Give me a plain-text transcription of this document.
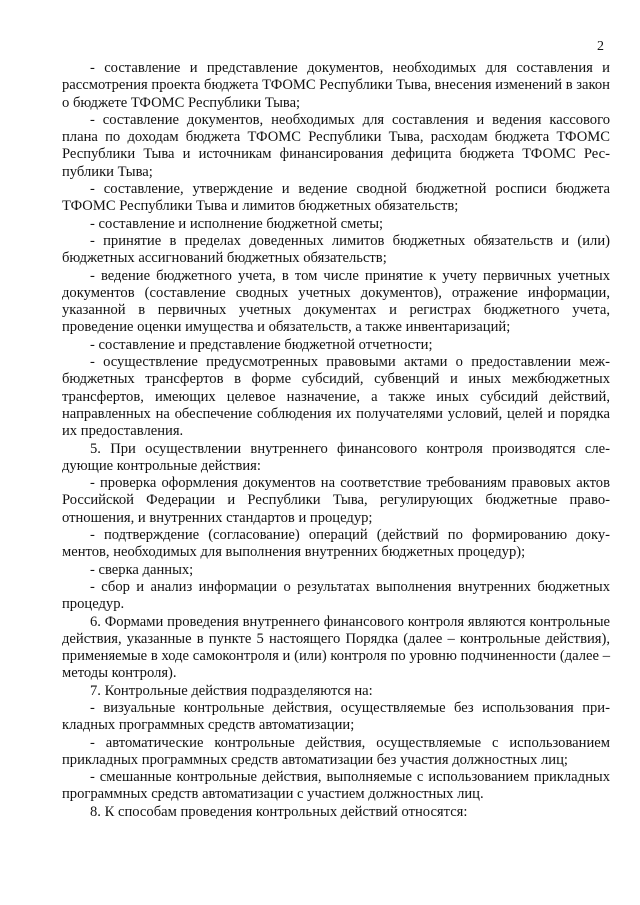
2

- составление и представление документов, необходимых для составления и рассмотрения проекта бюджета ТФОМС Республики Тыва, внесения изменений в закон о бюджете ТФОМС Республики Тыва;

- составление документов, необходимых для составления и ведения кассового плана по доходам бюджета ТФОМС Республики Тыва, расходам бюджета ТФОМС Республики Тыва и источникам финансирования дефицита бюджета ТФОМС Республики Тыва;

- составление, утверждение и ведение сводной бюджетной росписи бюджета ТФОМС Республики Тыва и лимитов бюджетных обязательств;

- составление и исполнение бюджетной сметы;

- принятие в пределах доведенных лимитов бюджетных обязательств и (или) бюджетных ассигнований бюджетных обязательств;

- ведение бюджетного учета, в том числе принятие к учету первичных учетных документов (составление сводных учетных документов), отражение информации, указанной в первичных учетных документах и регистрах бюджетного учета, проведение оценки имущества и обязательств, а также инвентаризаций;

- составление и представление бюджетной отчетности;

- осуществление предусмотренных правовыми актами о предоставлении межбюджетных трансфертов в форме субсидий, субвенций и иных межбюджетных трансфертов, имеющих целевое назначение, а также иных субсидий действий, направленных на обеспечение соблюдения их получателями условий, целей и порядка их предоставления.

5. При осуществлении внутреннего финансового контроля производятся следующие контрольные действия:

- проверка оформления документов на соответствие требованиям правовых актов Российской Федерации и Республики Тыва, регулирующих бюджетные правоотношения, и внутренних стандартов и процедур;

- подтверждение (согласование) операций (действий по формированию документов, необходимых для выполнения внутренних бюджетных процедур);

- сверка данных;

- сбор и анализ информации о результатах выполнения внутренних бюджетных процедур.

6. Формами проведения внутреннего финансового контроля являются контрольные действия, указанные в пункте 5 настоящего Порядка (далее – контрольные действия), применяемые в ходе самоконтроля и (или) контроля по уровню подчиненности (далее – методы контроля).

7. Контрольные действия подразделяются на:

- визуальные контрольные действия, осуществляемые без использования прикладных программных средств автоматизации;

- автоматические контрольные действия, осуществляемые с использованием прикладных программных средств автоматизации без участия должностных лиц;

- смешанные контрольные действия, выполняемые с использованием прикладных программных средств автоматизации с участием должностных лиц.

8. К способам проведения контрольных действий относятся:
